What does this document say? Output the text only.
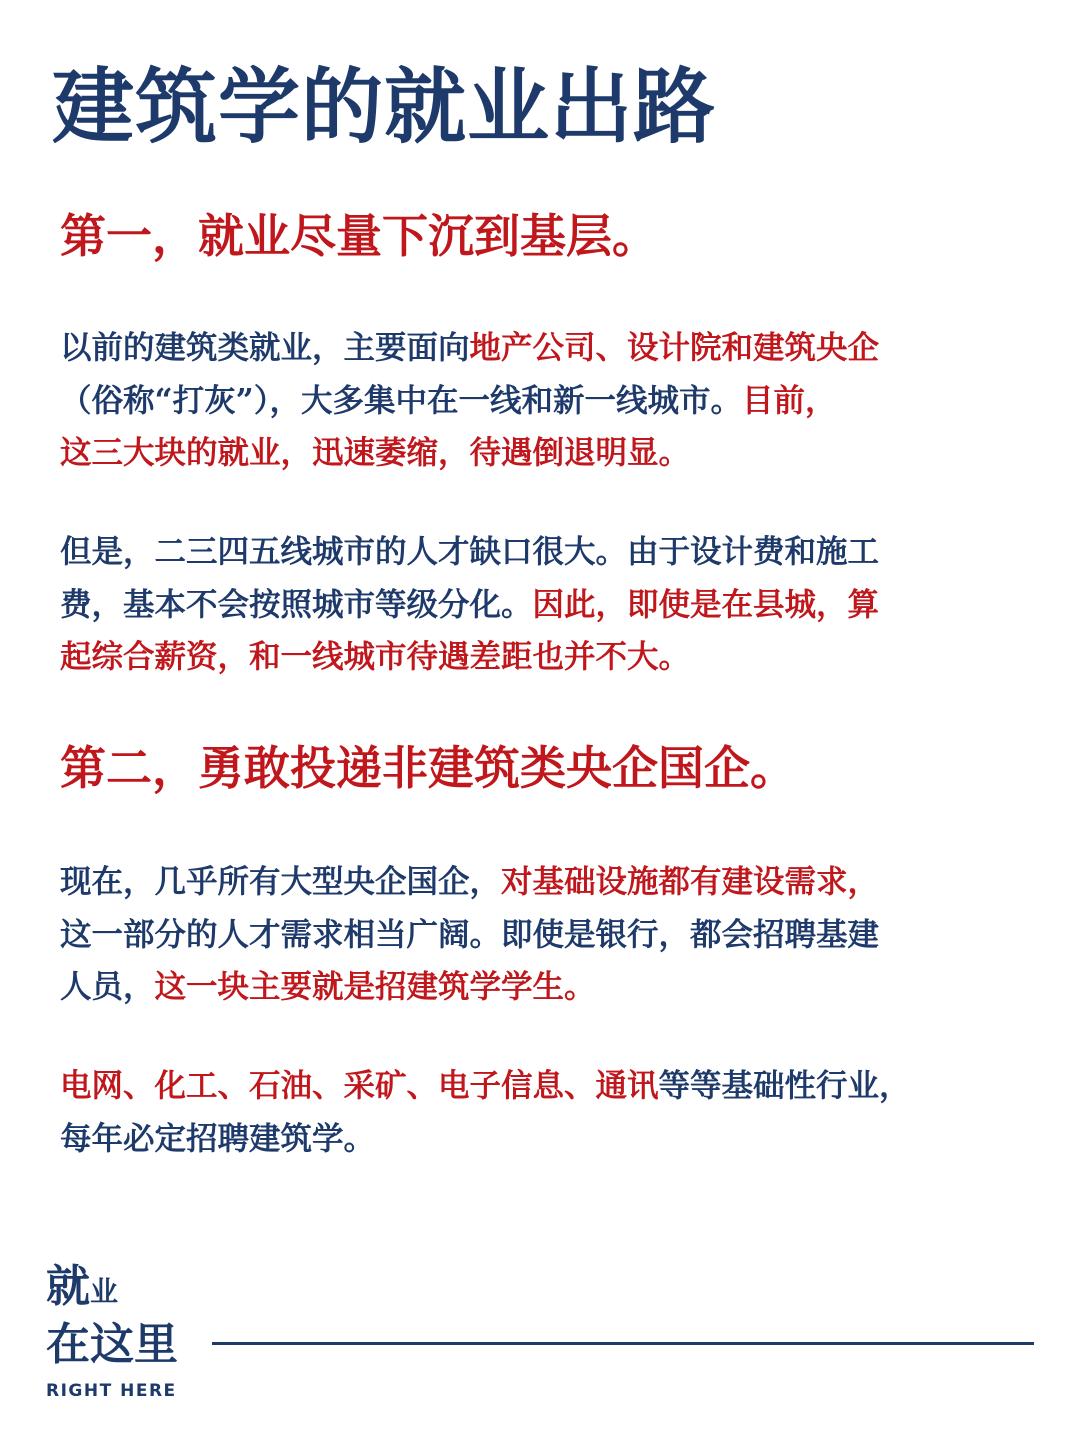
建筑学的就业出路
第一，就业尽量下沉到基层。

以前的建筑类就业，主要面向地产公司、设计院和建筑央企

（俗称“打灰”），大多集中在一线和新一线城市。目前，

这三大块的就业，迅速萎缩，待遇倒退明显。

但是，二三四五线城市的人才缺口很大。由于设计费和施工

费，基本不会按照城市等级分化。因此，即使是在县城，算

起综合薪资，和一线城市待遇差距也并不大。

第二，勇敢投递非建筑类央企国企。

现在，几乎所有大型央企国企，对基础设施都有建设需求，

这一部分的人才需求相当广阔。即使是银行，都会招聘基建

人员，这一块主要就是招建筑学学生。

电网、化工、石油、采矿、电子信息、通讯等等基础性行业，

每年必定招聘建筑学。

就业
在这里
RIGHT HERE
